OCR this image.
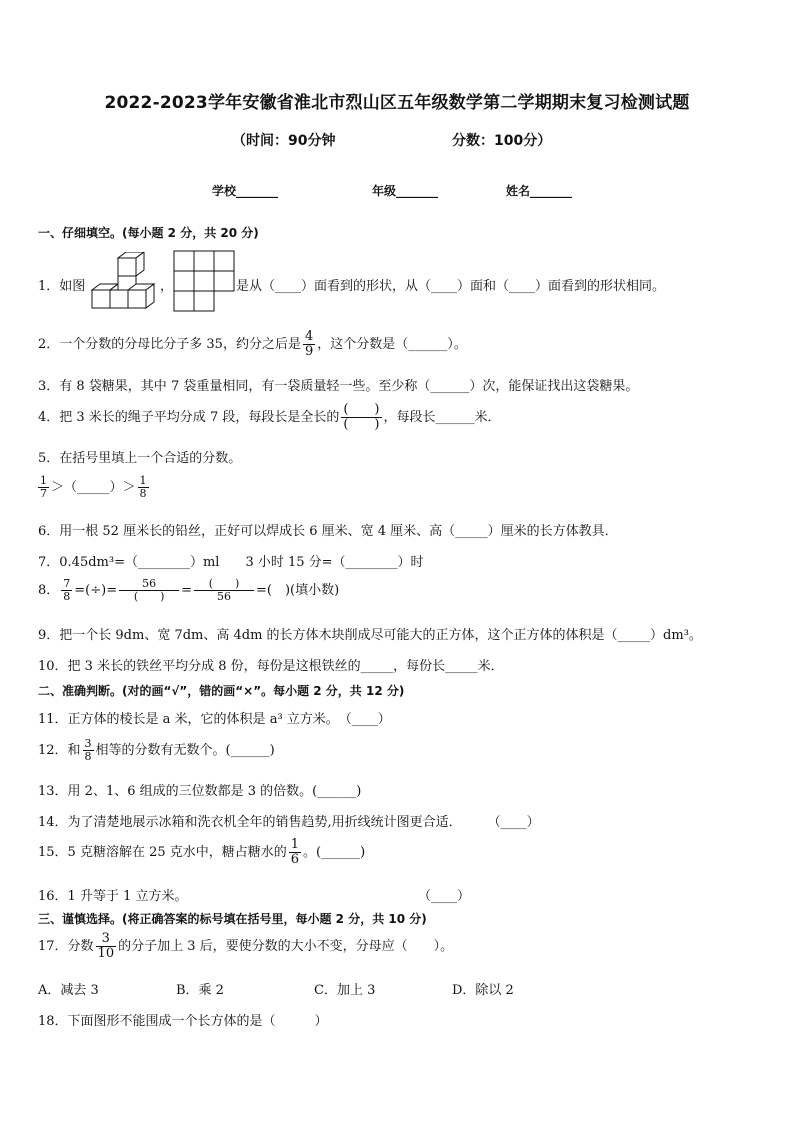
2022-2023学年安徽省淮北市烈山区五年级数学第二学期期末复习检测试题
（时间：90分钟	分数：100分）
学校_______	年级_______	姓名_______
一、仔细填空。(每小题 2 分，共 20 分)
1．如图	，	是从（____）面看到的形状，从（____）面和（____）面看到的形状相同。
2．一个分数的分母比分子多 35，约分之后是 $\frac{4}{9}$ ，这个分数是（______）。
3．有 8 袋糖果，其中 7 袋重量相同，有一袋质量轻一些。至少称（______）次，能保证找出这袋糖果。
4．把 3 米长的绳子平均分成 7 段，每段长是全长的 $\frac{( )}{( )}$ ，每段长______米．
5．在括号里填上一个合适的分数。
$\frac{1}{7}$ ＞（_____）＞ $\frac{1}{8}$
6．用一根 52 厘米长的铅丝，正好可以焊成长 6 厘米、宽 4 厘米、高（_____）厘米的长方体教具．
7．0.45dm³=（________）ml　　3 小时 15 分=（________）时
8． $\frac{7}{8}$ =(÷)= $\frac{56}{( )} = \frac{( )}{56}$ =(　)(填小数)
9．把一个长 9dm、宽 7dm、高 4dm 的长方体木块削成尽可能大的正方体，这个正方体的体积是（_____）dm³。
10．把 3 米长的铁丝平均分成 8 份，每份是这根铁丝的_____，每份长_____米．
二、准确判断。(对的画“√”，错的画“×”。每小题 2 分，共 12 分)
11．正方体的棱长是 a 米，它的体积是 a³ 立方米。　（____）
12．和 $\frac{3}{8}$ 相等的分数有无数个。(______)
13．用 2、1、6 组成的三位数都是 3 的倍数。(______)
14．为了清楚地展示冰箱和洗衣机全年的销售趋势,用折线统计图更合适．　　　（____）
15．5 克糖溶解在 25 克水中，糖占糖水的 $\frac{1}{6}$ 。(______)
16．1 升等于 1 立方米。	（____）
三、谨慎选择。(将正确答案的标号填在括号里，每小题 2 分，共 10 分)
17．分数 $\frac{3}{10}$ 的分子加上 3 后，要使分数的大小不变，分母应（　　）。
A．减去 3	B．乘 2	C．加上 3	D．除以 2
18．下面图形不能围成一个长方体的是（　　　）
